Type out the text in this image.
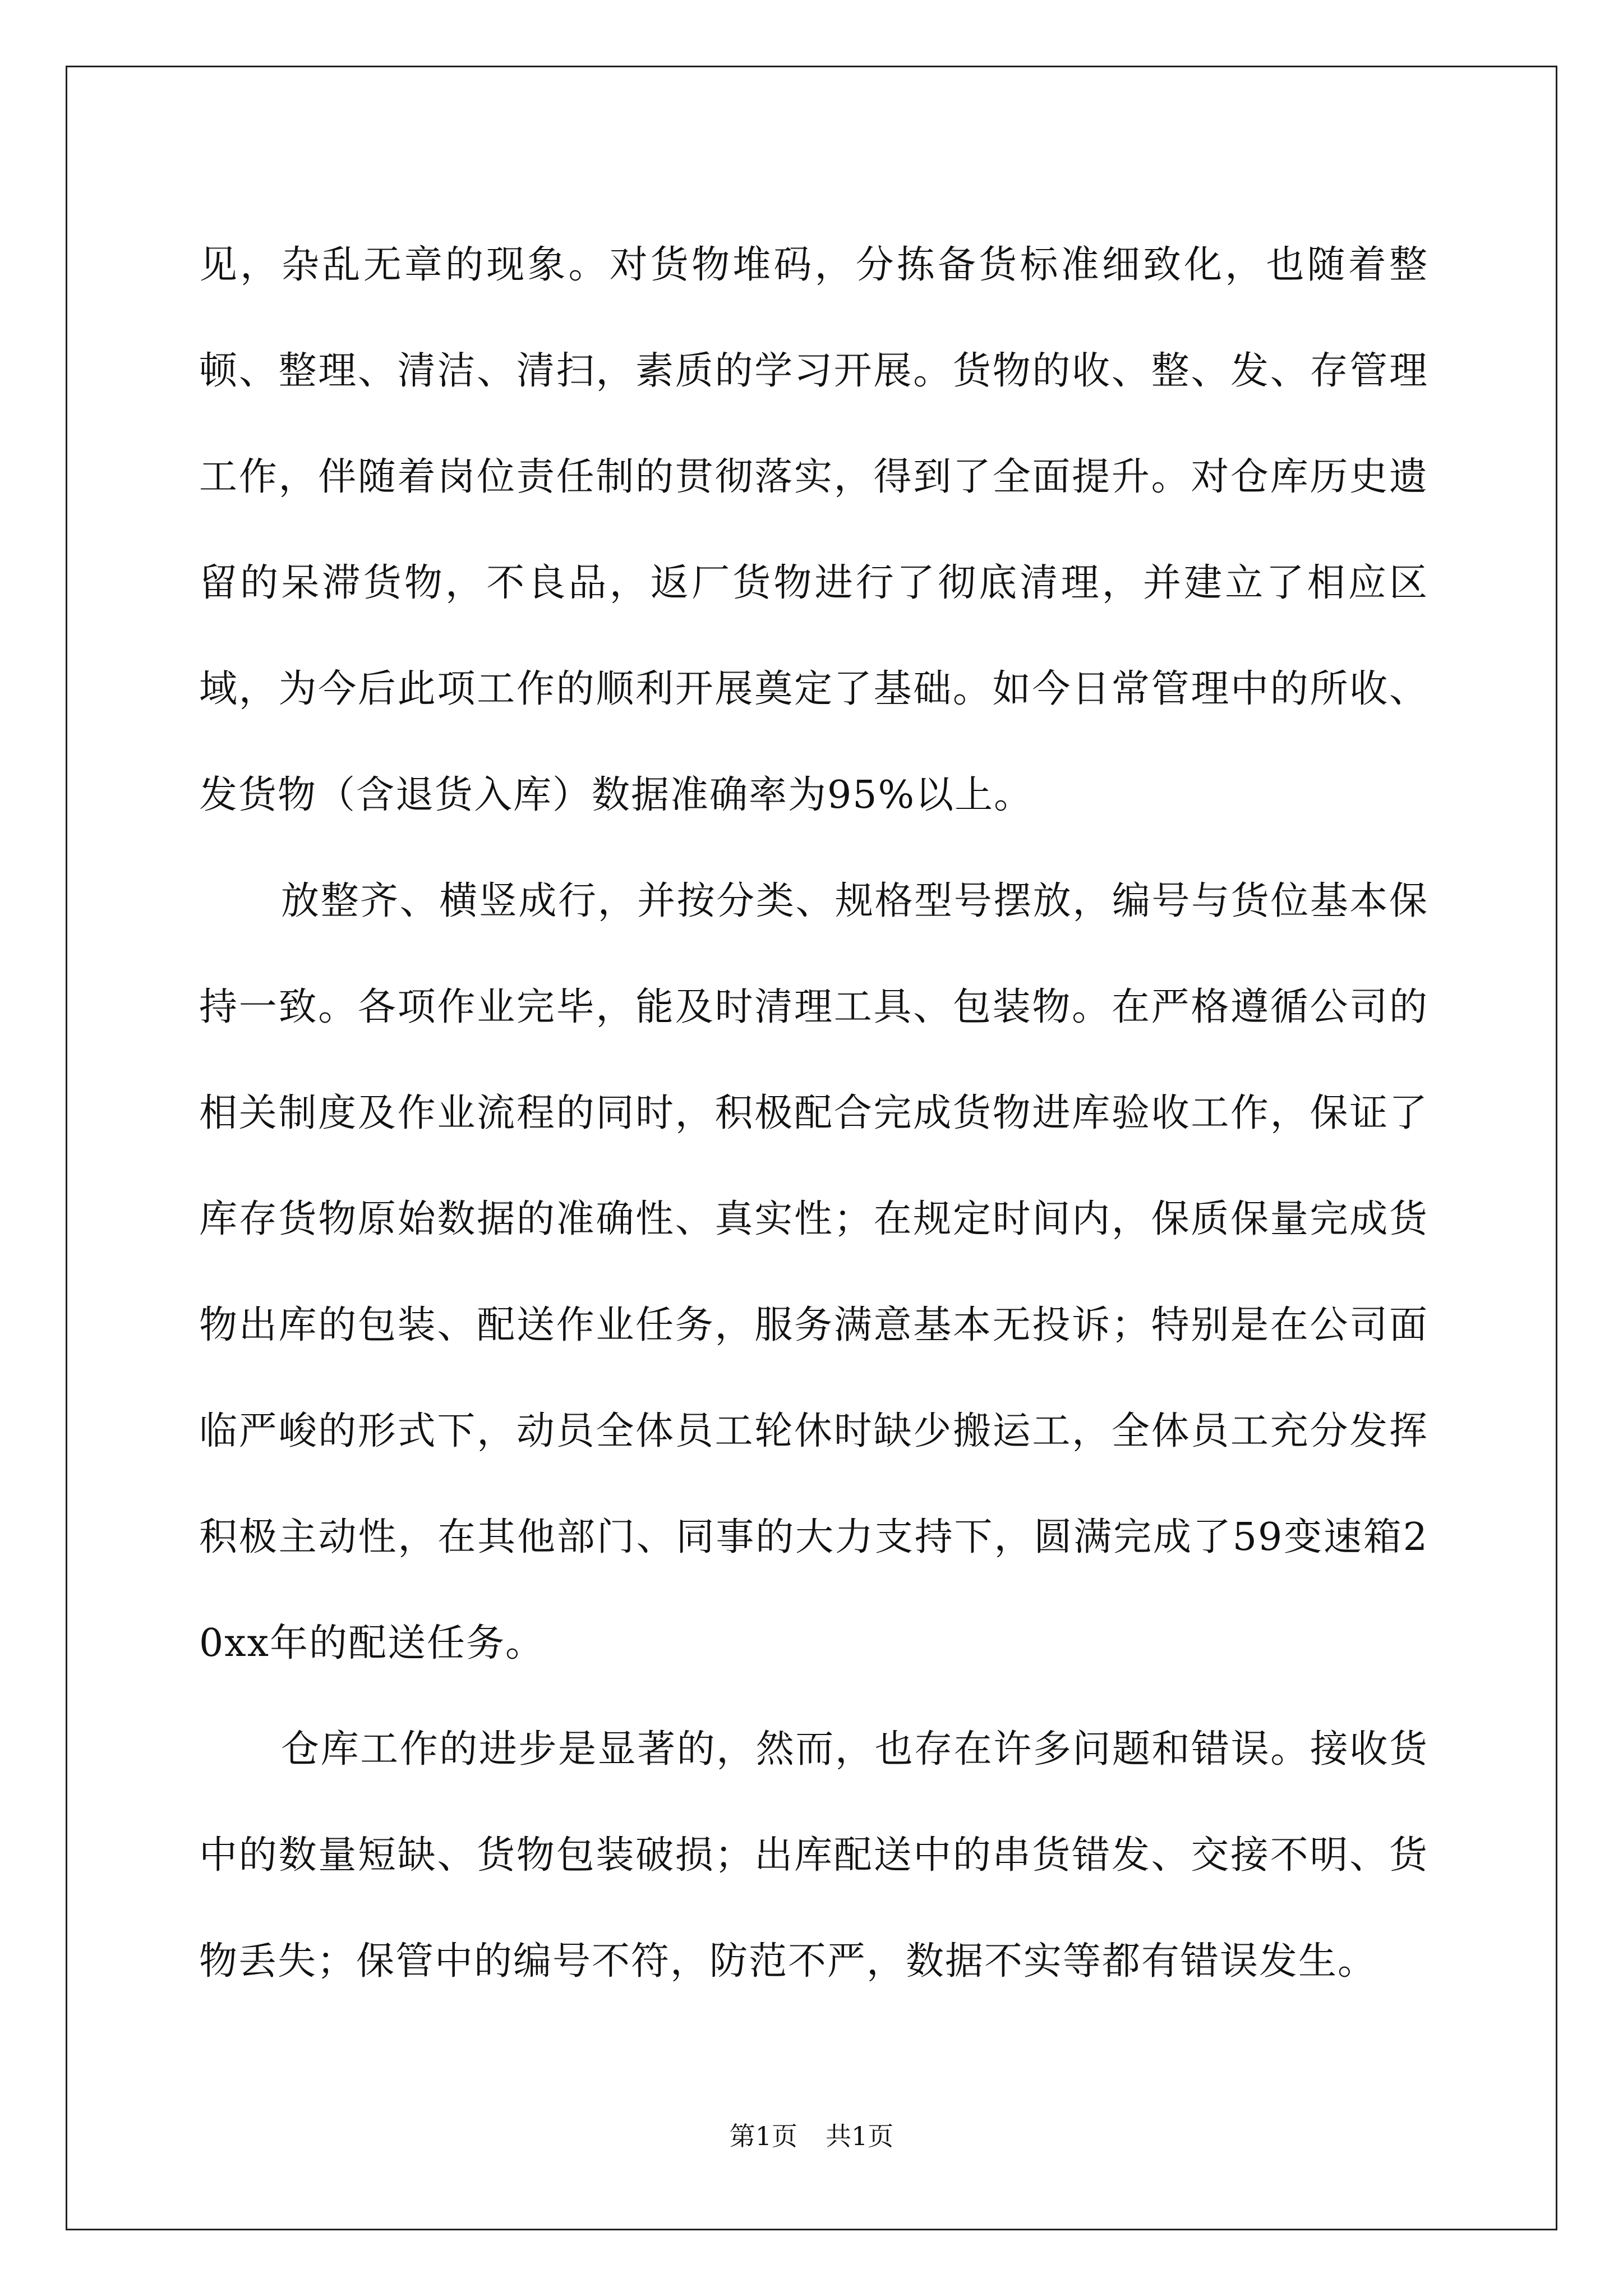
见，杂乱无章的现象。对货物堆码，分拣备货标准细致化，也随着整顿、整理、清洁、清扫，素质的学习开展。货物的收、整、发、存管理工作，伴随着岗位责任制的贯彻落实，得到了全面提升。对仓库历史遗留的呆滞货物，不良品，返厂货物进行了彻底清理，并建立了相应区域，为今后此项工作的顺利开展奠定了基础。如今日常管理中的所收、发货物（含退货入库）数据准确率为95%以上。

放整齐、横竖成行，并按分类、规格型号摆放，编号与货位基本保持一致。各项作业完毕，能及时清理工具、包装物。在严格遵循公司的相关制度及作业流程的同时，积极配合完成货物进库验收工作，保证了库存货物原始数据的准确性、真实性；在规定时间内，保质保量完成货物出库的包装、配送作业任务，服务满意基本无投诉；特别是在公司面临严峻的形式下，动员全体员工轮休时缺少搬运工，全体员工充分发挥积极主动性，在其他部门、同事的大力支持下，圆满完成了59变速箱20xx年的配送任务。

仓库工作的进步是显著的，然而，也存在许多问题和错误。接收货中的数量短缺、货物包装破损；出库配送中的串货错发、交接不明、货物丢失；保管中的编号不符，防范不严，数据不实等都有错误发生。

第1页 共1页
